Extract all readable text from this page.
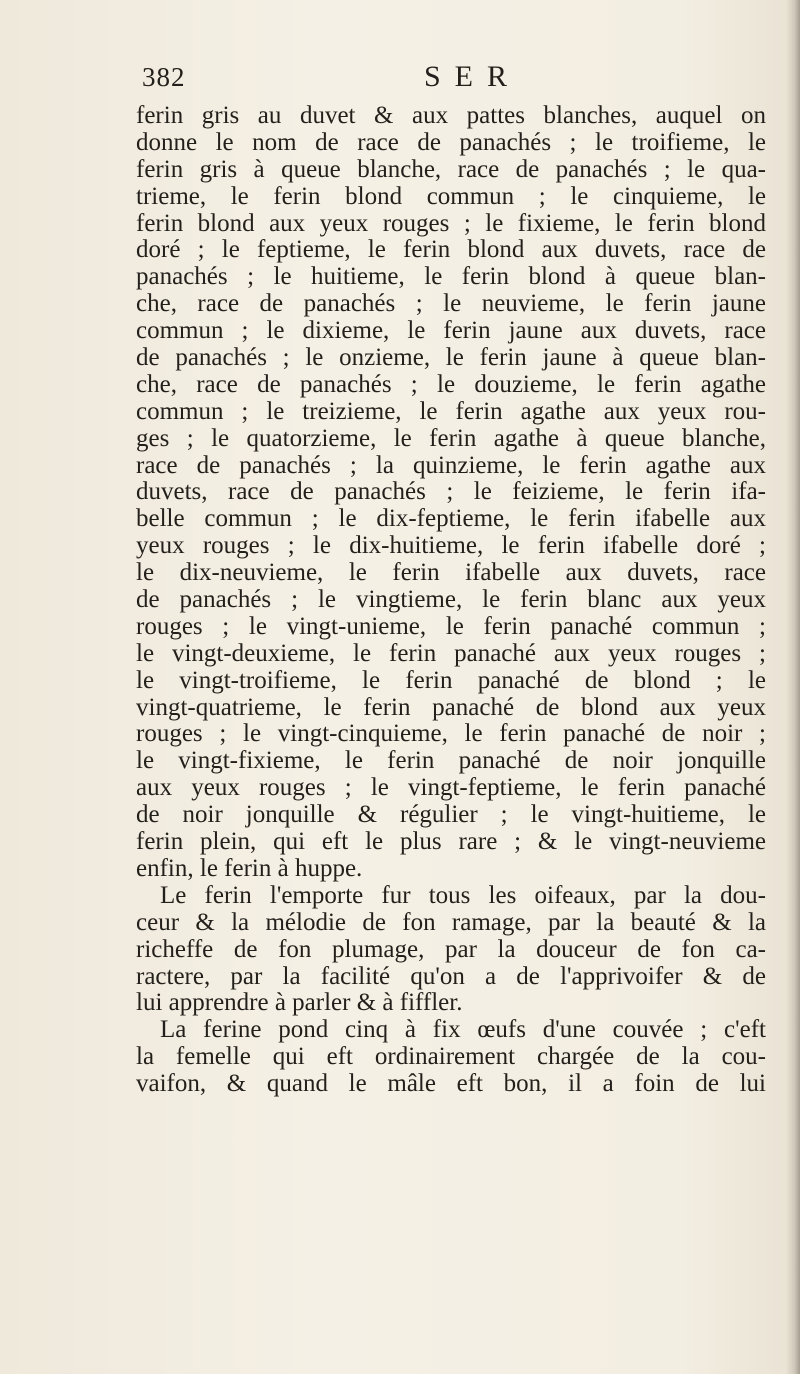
382	SER
ferin gris au duvet & aux pattes blanches, auquel on
donne le nom de race de panachés ; le troifieme, le
ferin gris à queue blanche, race de panachés ; le qua-
trieme, le ferin blond commun ; le cinquieme, le
ferin blond aux yeux rouges ; le fixieme, le ferin blond
doré ; le feptieme, le ferin blond aux duvets, race de
panachés ; le huitieme, le ferin blond à queue blan-
che, race de panachés ; le neuvieme, le ferin jaune
commun ; le dixieme, le ferin jaune aux duvets, race
de panachés ; le onzieme, le ferin jaune à queue blan-
che, race de panachés ; le douzieme, le ferin agathe
commun ; le treizieme, le ferin agathe aux yeux rou-
ges ; le quatorzieme, le ferin agathe à queue blanche,
race de panachés ; la quinzieme, le ferin agathe aux
duvets, race de panachés ; le feizieme, le ferin ifa-
belle commun ; le dix-feptieme, le ferin ifabelle aux
yeux rouges ; le dix-huitieme, le ferin ifabelle doré ;
le dix-neuvieme, le ferin ifabelle aux duvets, race
de panachés ; le vingtieme, le ferin blanc aux yeux
rouges ; le vingt-unieme, le ferin panaché commun ;
le vingt-deuxieme, le ferin panaché aux yeux rouges ;
le vingt-troifieme, le ferin panaché de blond ; le
vingt-quatrieme, le ferin panaché de blond aux yeux
rouges ; le vingt-cinquieme, le ferin panaché de noir ;
le vingt-fixieme, le ferin panaché de noir jonquille
aux yeux rouges ; le vingt-feptieme, le ferin panaché
de noir jonquille & régulier ; le vingt-huitieme, le
ferin plein, qui eft le plus rare ; & le vingt-neuvieme
enfin, le ferin à huppe.
Le ferin l'emporte fur tous les oifeaux, par la dou-
ceur & la mélodie de fon ramage, par la beauté & la
richeffe de fon plumage, par la douceur de fon ca-
ractere, par la facilité qu'on a de l'apprivoifer & de
lui apprendre à parler & à fiffler.
La ferine pond cinq à fix œufs d'une couvée ; c'eft
la femelle qui eft ordinairement chargée de la cou-
vaifon, & quand le mâle eft bon, il a foin de lui
